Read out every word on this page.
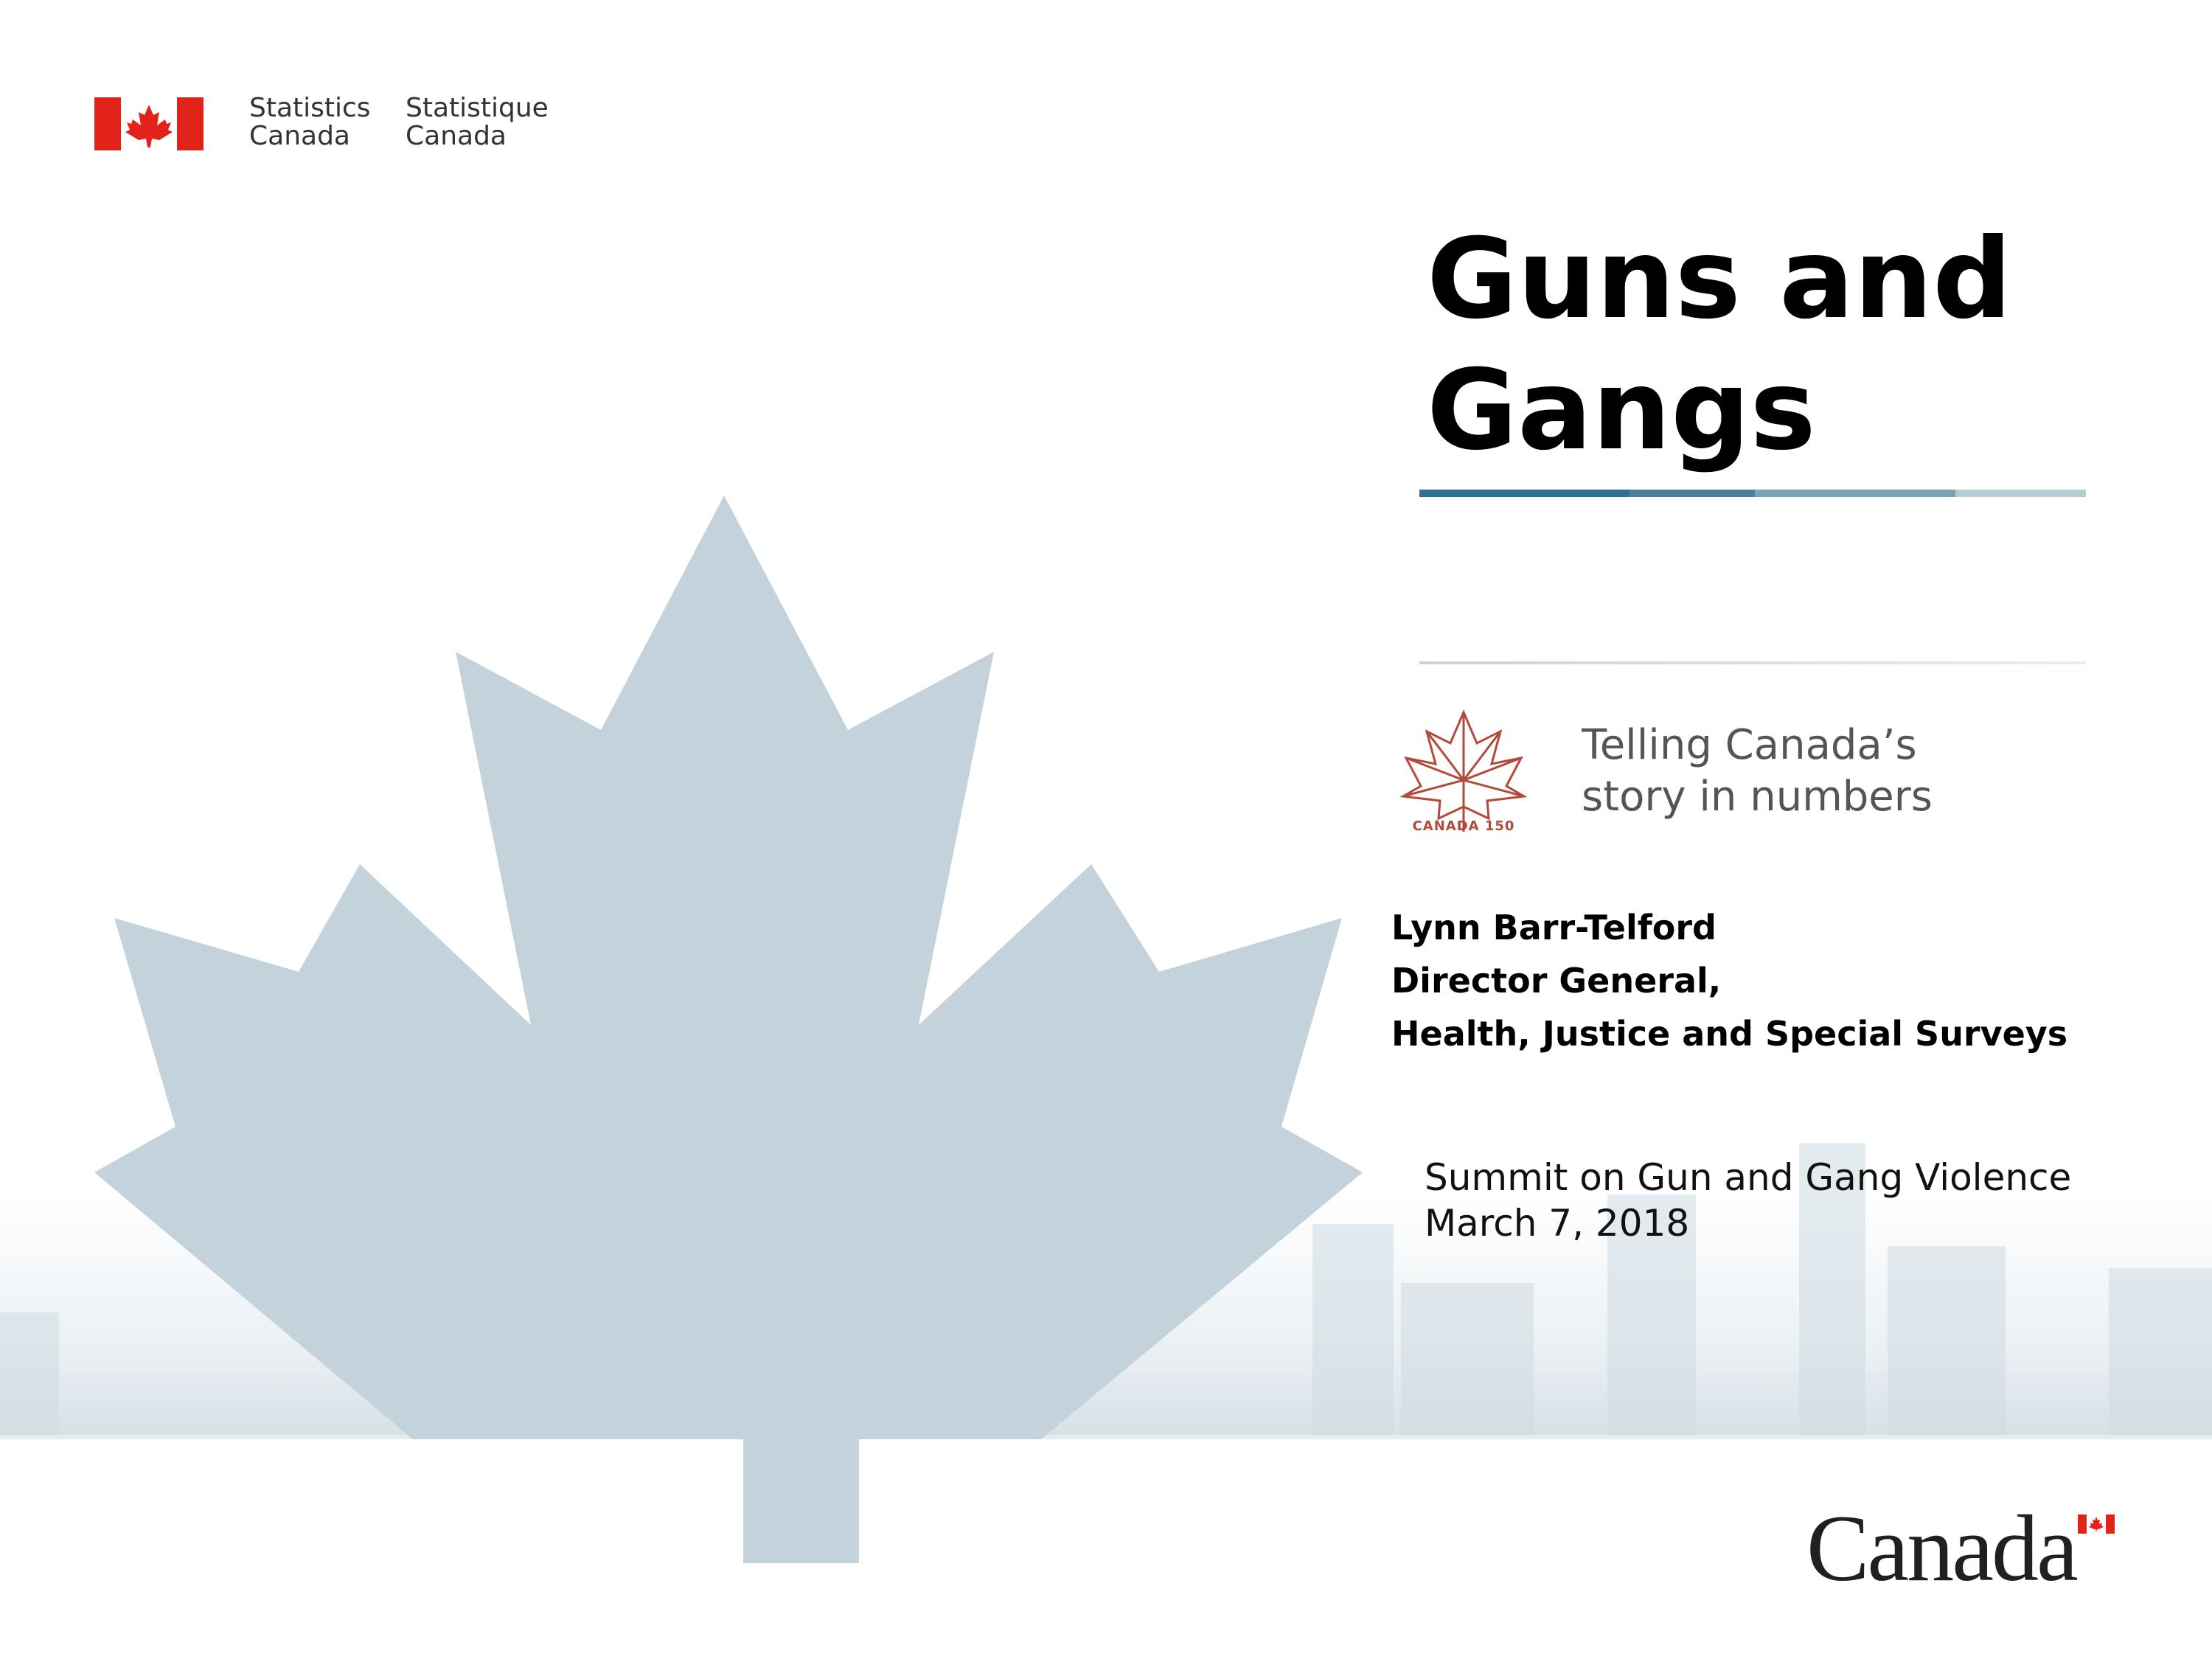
Statistics
Canada
Statistique
Canada
Guns and
Gangs
CANADA 150
Telling Canada’s
story in numbers
Lynn Barr-Telford
Director General,
Health, Justice and Special Surveys
Summit on Gun and Gang Violence
March 7, 2018
Canada
